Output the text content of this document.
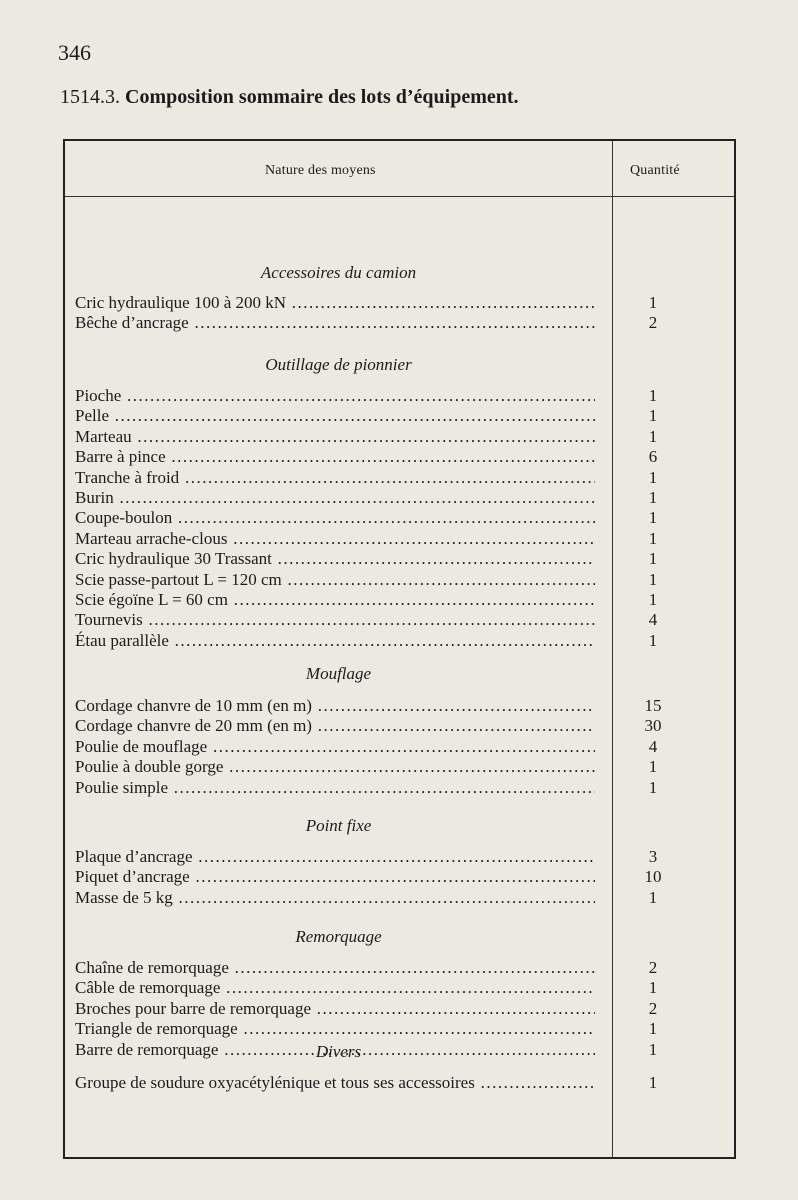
346
1514.3. Composition sommaire des lots d’équipement.
Nature des moyens	Quantité
Accessoires du camion
Cric hydraulique 100 à 200 kN .....	1
Bêche d’ancrage .....	2
Outillage de pionnier
Pioche .....	1
Pelle .....	1
Marteau .....	1
Barre à pince .....	6
Tranche à froid .....	1
Burin .....	1
Coupe-boulon .....	1
Marteau arrache-clous .....	1
Cric hydraulique 30 Trassant .....	1
Scie passe-partout L = 120 cm .....	1
Scie égoïne L = 60 cm .....	1
Tournevis .....	4
Étau parallèle .....	1
Mouflage
Cordage chanvre de 10 mm (en m) .....	15
Cordage chanvre de 20 mm (en m) .....	30
Poulie de mouflage .....	4
Poulie à double gorge .....	1
Poulie simple .....	1
Point fixe
Plaque d’ancrage .....	3
Piquet d’ancrage .....	10
Masse de 5 kg .....	1
Remorquage
Chaîne de remorquage .....	2
Câble de remorquage .....	1
Broches pour barre de remorquage .....	2
Triangle de remorquage .....	1
Barre de remorquage .....	1
Divers
Groupe de soudure oxyacétylénique et tous ses accessoires .....	1
